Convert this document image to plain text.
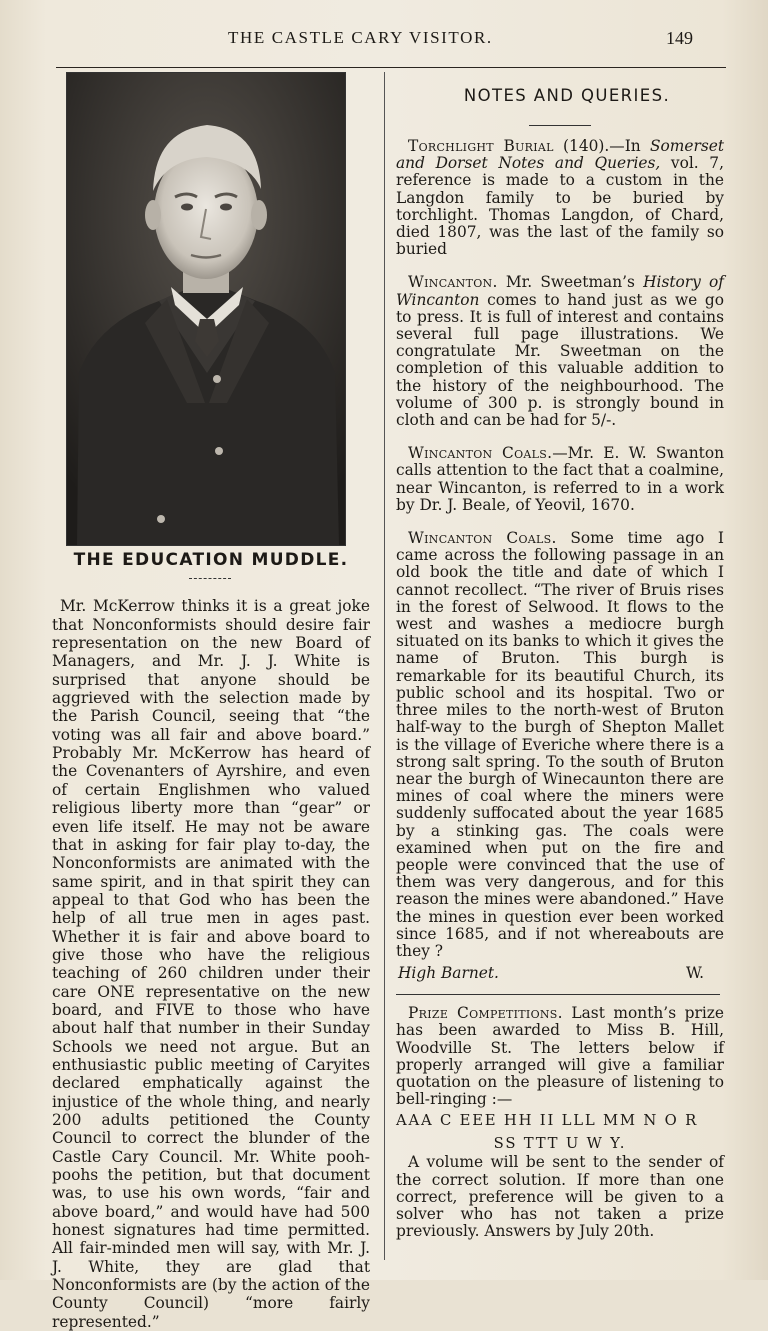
THE CASTLE CARY VISITOR.	149
THE EDUCATION MUDDLE.

Mr. McKerrow thinks it is a great joke that Nonconformists should desire fair representation on the new Board of Managers, and Mr. J. J. White is surprised that anyone should be aggrieved with the selection made by the Parish Council, seeing that “the voting was all fair and above board.” Probably Mr. McKerrow has heard of the Covenanters of Ayrshire, and even of certain Englishmen who valued religious liberty more than “gear” or even life itself. He may not be aware that in asking for fair play to-day, the Nonconformists are animated with the same spirit, and in that spirit they can appeal to that God who has been the help of all true men in ages past. Whether it is fair and above board to give those who have the religious teaching of 260 children under their care ONE representative on the new board, and FIVE to those who have about half that number in their Sunday Schools we need not argue. But an enthusiastic public meeting of Caryites declared emphatically against the injustice of the whole thing, and nearly 200 adults petitioned the County Council to correct the blunder of the Castle Cary Council. Mr. White pooh-poohs the petition, but that document was, to use his own words, “fair and above board,” and would have had 500 honest signatures had time permitted. All fair-minded men will say, with Mr. J. J. White, they are glad that Nonconformists are (by the action of the County Council) “more fairly represented.”

NOTES AND QUERIES.

Torchlight Burial (140).—In Somerset and Dorset Notes and Queries, vol. 7, reference is made to a custom in the Langdon family to be buried by torchlight. Thomas Langdon, of Chard, died 1807, was the last of the family so buried

Wincanton. Mr. Sweetman’s History of Wincanton comes to hand just as we go to press. It is full of interest and contains several full page illustrations. We congratulate Mr. Sweetman on the completion of this valuable addition to the history of the neighbourhood. The volume of 300 p. is strongly bound in cloth and can be had for 5/-.

Wincanton Coals.—Mr. E. W. Swanton calls attention to the fact that a coalmine, near Wincanton, is referred to in a work by Dr. J. Beale, of Yeovil, 1670.

Wincanton Coals. Some time ago I came across the following passage in an old book the title and date of which I cannot recollect. “The river of Bruis rises in the forest of Selwood. It flows to the west and washes a mediocre burgh situated on its banks to which it gives the name of Bruton. This burgh is remarkable for its beautiful Church, its public school and its hospital. Two or three miles to the north-west of Bruton half-way to the burgh of Shepton Mallet is the village of Everiche where there is a strong salt spring. To the south of Bruton near the burgh of Winecaunton there are mines of coal where the miners were suddenly suffocated about the year 1685 by a stinking gas. The coals were examined when put on the fire and people were convinced that the use of them was very dangerous, and for this reason the mines were abandoned.” Have the mines in question ever been worked since 1685, and if not whereabouts are they ?

High Barnet.	W.

Prize Competitions. Last month’s prize has been awarded to Miss B. Hill, Woodville St. The letters below if properly arranged will give a familiar quotation on the pleasure of listening to bell-ringing :—

AAA C EEE HH II LLL MM N O R

SS TTT U W Y.

A volume will be sent to the sender of the correct solution. If more than one correct, preference will be given to a solver who has not taken a prize previously. Answers by July 20th.
